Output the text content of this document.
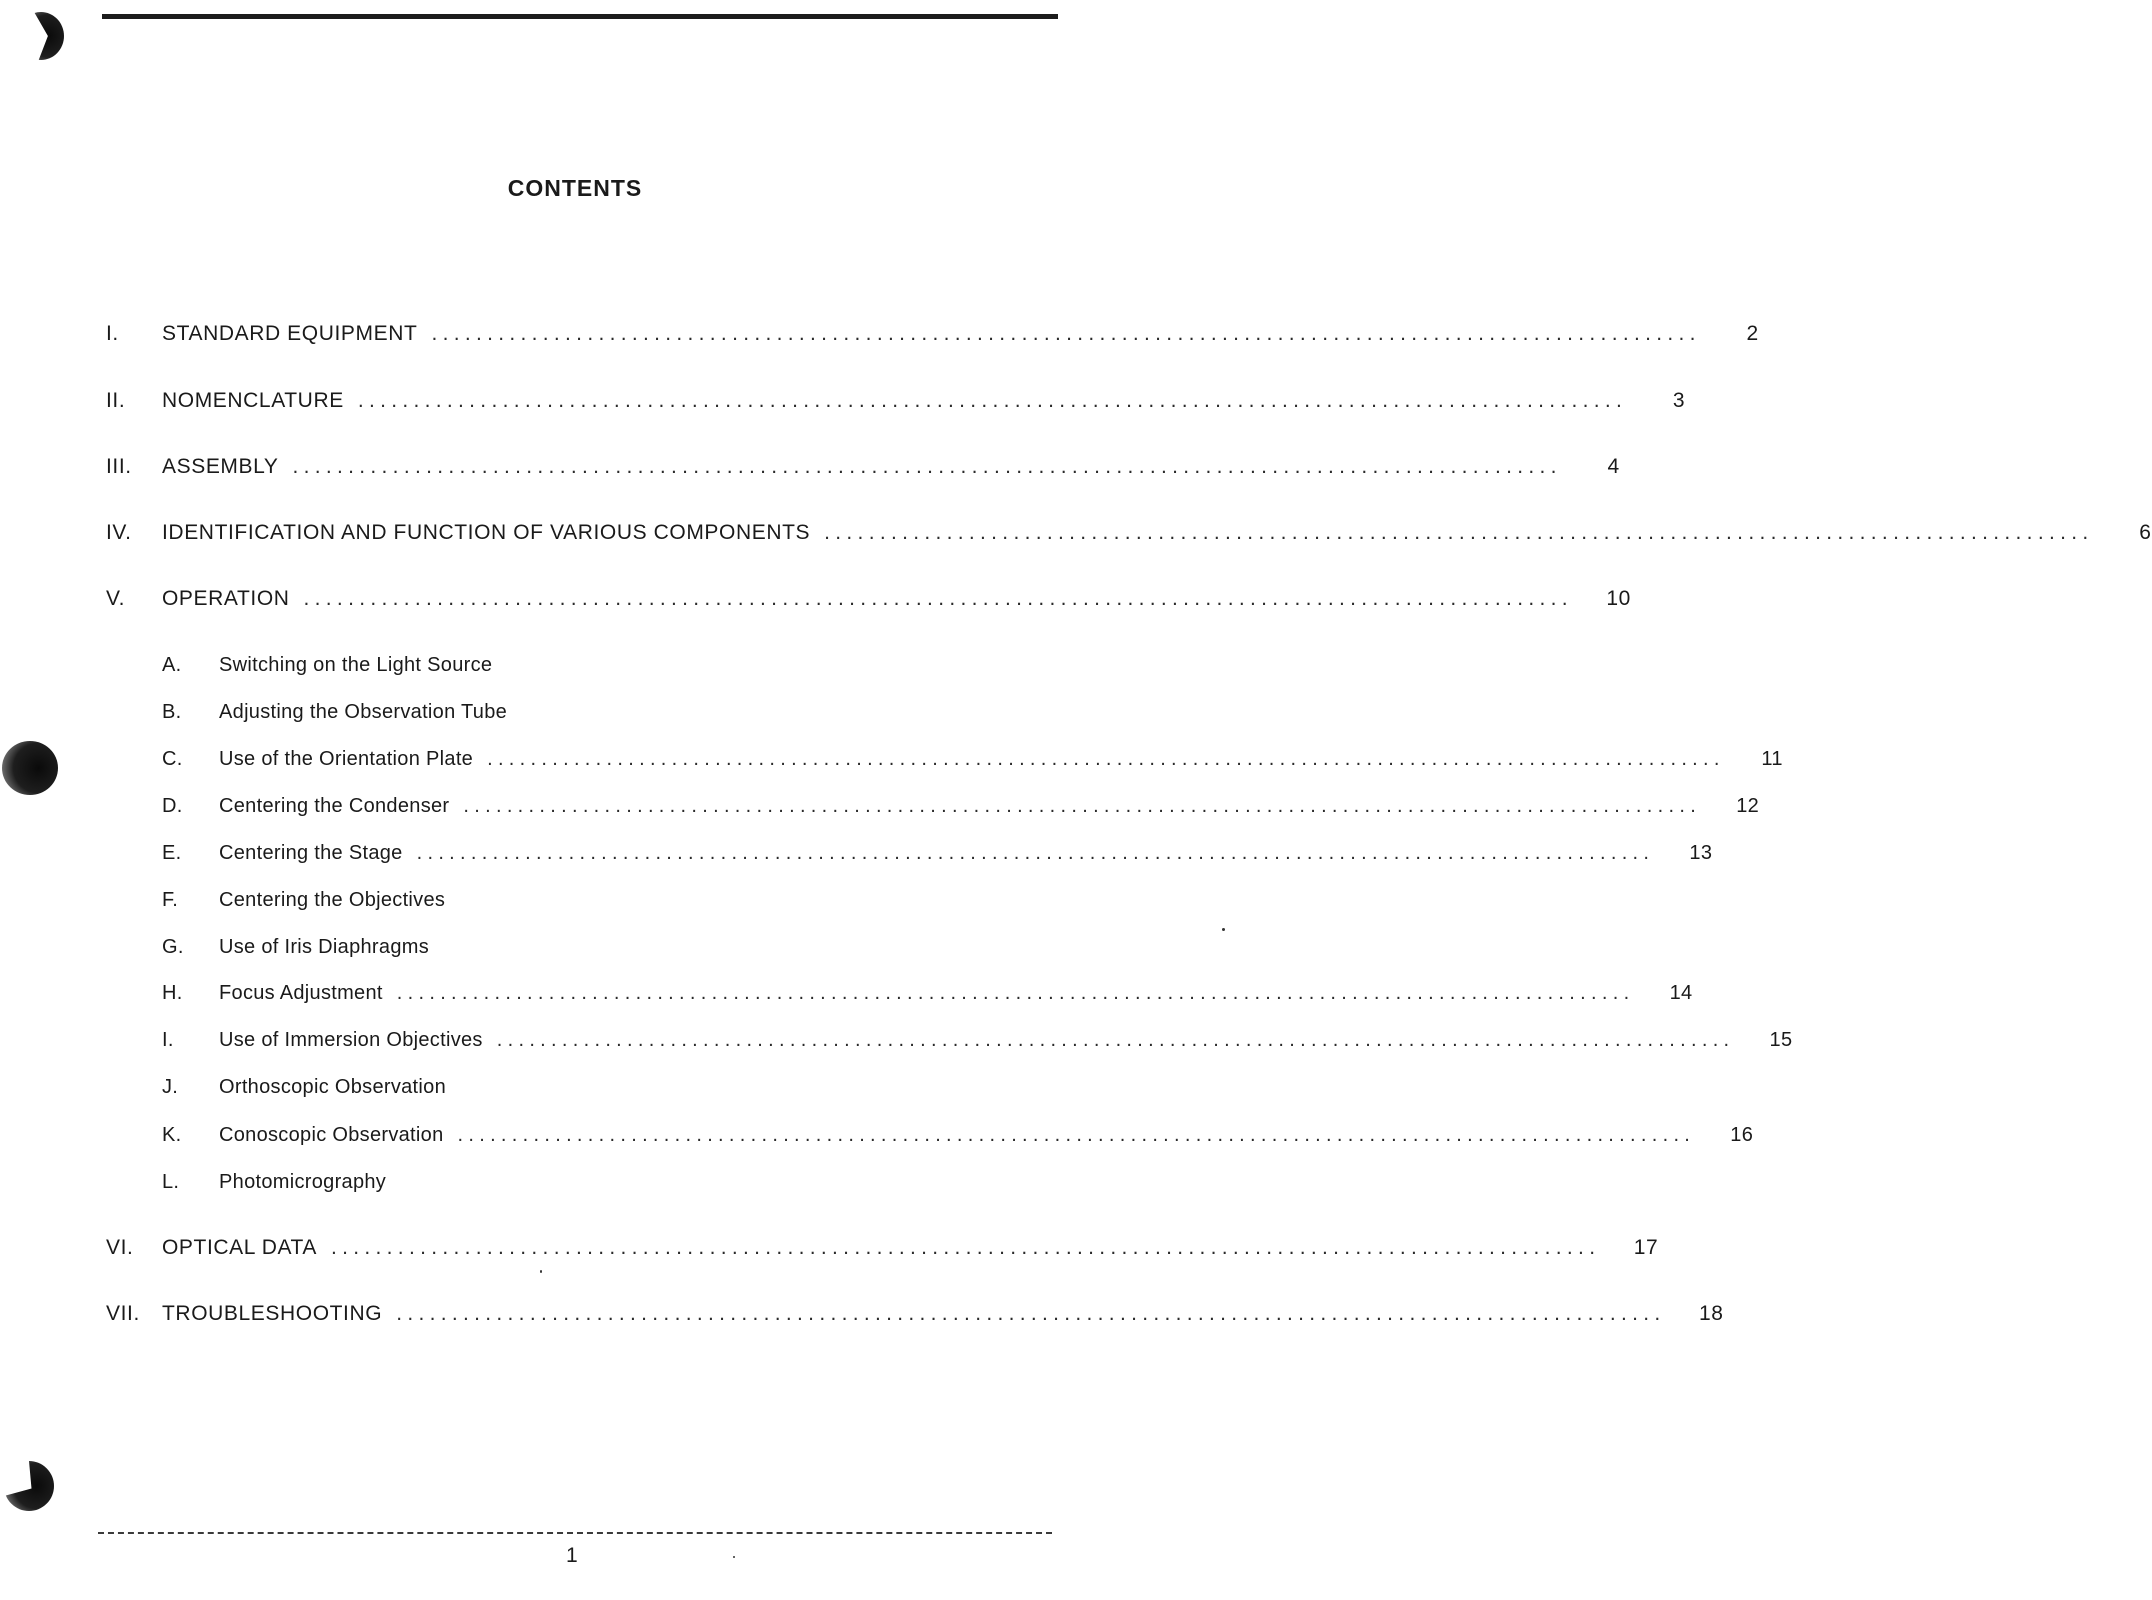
CONTENTS
I.	STANDARD EQUIPMENT ..................................................................................................................	2
II.	NOMENCLATURE ..................................................................................................................	3
III.	ASSEMBLY ..................................................................................................................	4
IV.	IDENTIFICATION AND FUNCTION OF VARIOUS COMPONENTS ..................................................................................................................	6
V.	OPERATION ..................................................................................................................	10
A.	Switching on the Light Source
B.	Adjusting the Observation Tube
C.	Use of the Orientation Plate ..................................................................................................................	11
D.	Centering the Condenser ..................................................................................................................	12
E.	Centering the Stage ..................................................................................................................	13
F.	Centering the Objectives
G.	Use of Iris Diaphragms
H.	Focus Adjustment ..................................................................................................................	14
I.	Use of Immersion Objectives ..................................................................................................................	15
J.	Orthoscopic Observation
K.	Conoscopic Observation ..................................................................................................................	16
L.	Photomicrography
VI.	OPTICAL DATA ..................................................................................................................	17
VII.	TROUBLESHOOTING ..................................................................................................................	18
1
